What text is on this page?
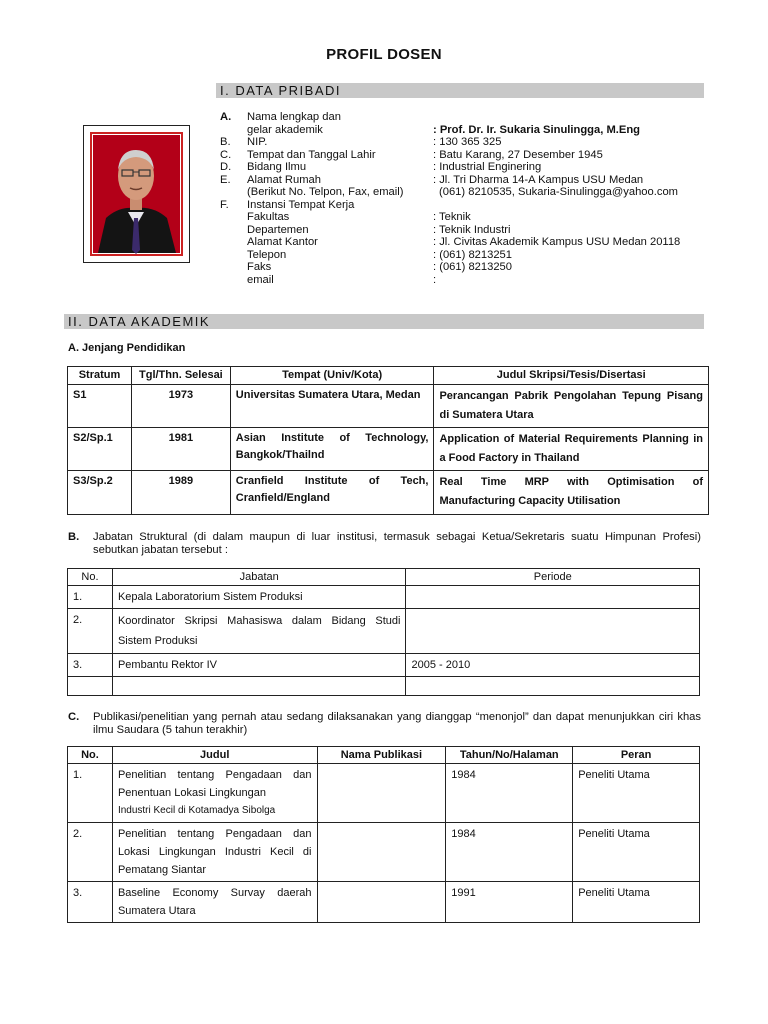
PROFIL DOSEN
I. DATA PRIBADI
A.	Nama lengkap dan
gelar akademik	: Prof. Dr. Ir. Sukaria Sinulingga, M.Eng
B.	NIP.	: 130 365 325
C.	Tempat dan Tanggal Lahir	: Batu Karang, 27 Desember 1945
D.	Bidang Ilmu	: Industrial Enginering
E.	Alamat Rumah	: Jl. Tri Dharma 14-A Kampus USU Medan
(Berikut No. Telpon, Fax, email)	(061) 8210535, Sukaria-Sinulingga@yahoo.com
F.	Instansi Tempat Kerja
Fakultas	: Teknik
Departemen	: Teknik Industri
Alamat Kantor	: Jl. Civitas Akademik Kampus USU Medan 20118
Telepon	: (061) 8213251
Faks	: (061) 8213250
email	:
II. DATA AKADEMIK
A. Jenjang Pendidikan
Stratum	Tgl/Thn. Selesai	Tempat (Univ/Kota)	Judul Skripsi/Tesis/Disertasi
S1	1973	Universitas Sumatera Utara, Medan	Perancangan Pabrik Pengolahan Tepung Pisang di Sumatera Utara
S2/Sp.1	1981	Asian Institute of Technology, Bangkok/Thailnd	Application of Material Requirements Planning in a Food Factory in Thailand
S3/Sp.2	1989	Cranfield Institute of Tech, Cranfield/England	Real Time MRP with Optimisation of Manufacturing Capacity Utilisation
B.	Jabatan Struktural (di dalam maupun di luar institusi, termasuk sebagai Ketua/Sekretaris suatu Himpunan Profesi) sebutkan jabatan tersebut :
No.	Jabatan	Periode
1.	Kepala Laboratorium Sistem Produksi	
2.	Koordinator Skripsi Mahasiswa dalam Bidang Studi Sistem Produksi	
3.	Pembantu Rektor IV	2005 - 2010

C.	Publikasi/penelitian yang pernah atau sedang dilaksanakan yang dianggap “menonjol” dan dapat menunjukkan ciri khas ilmu Saudara (5 tahun terakhir)
No.	Judul	Nama Publikasi	Tahun/No/Halaman	Peran
1.	Penelitian tentang Pengadaan dan Penentuan Lokasi Lingkungan
Industri Kecil di Kotamadya Sibolga		1984	Peneliti Utama
2.	Penelitian tentang Pengadaan dan Lokasi Lingkungan Industri Kecil di Pematang Siantar		1984	Peneliti Utama
3.	Baseline Economy Survay daerah Sumatera Utara		1991	Peneliti Utama
